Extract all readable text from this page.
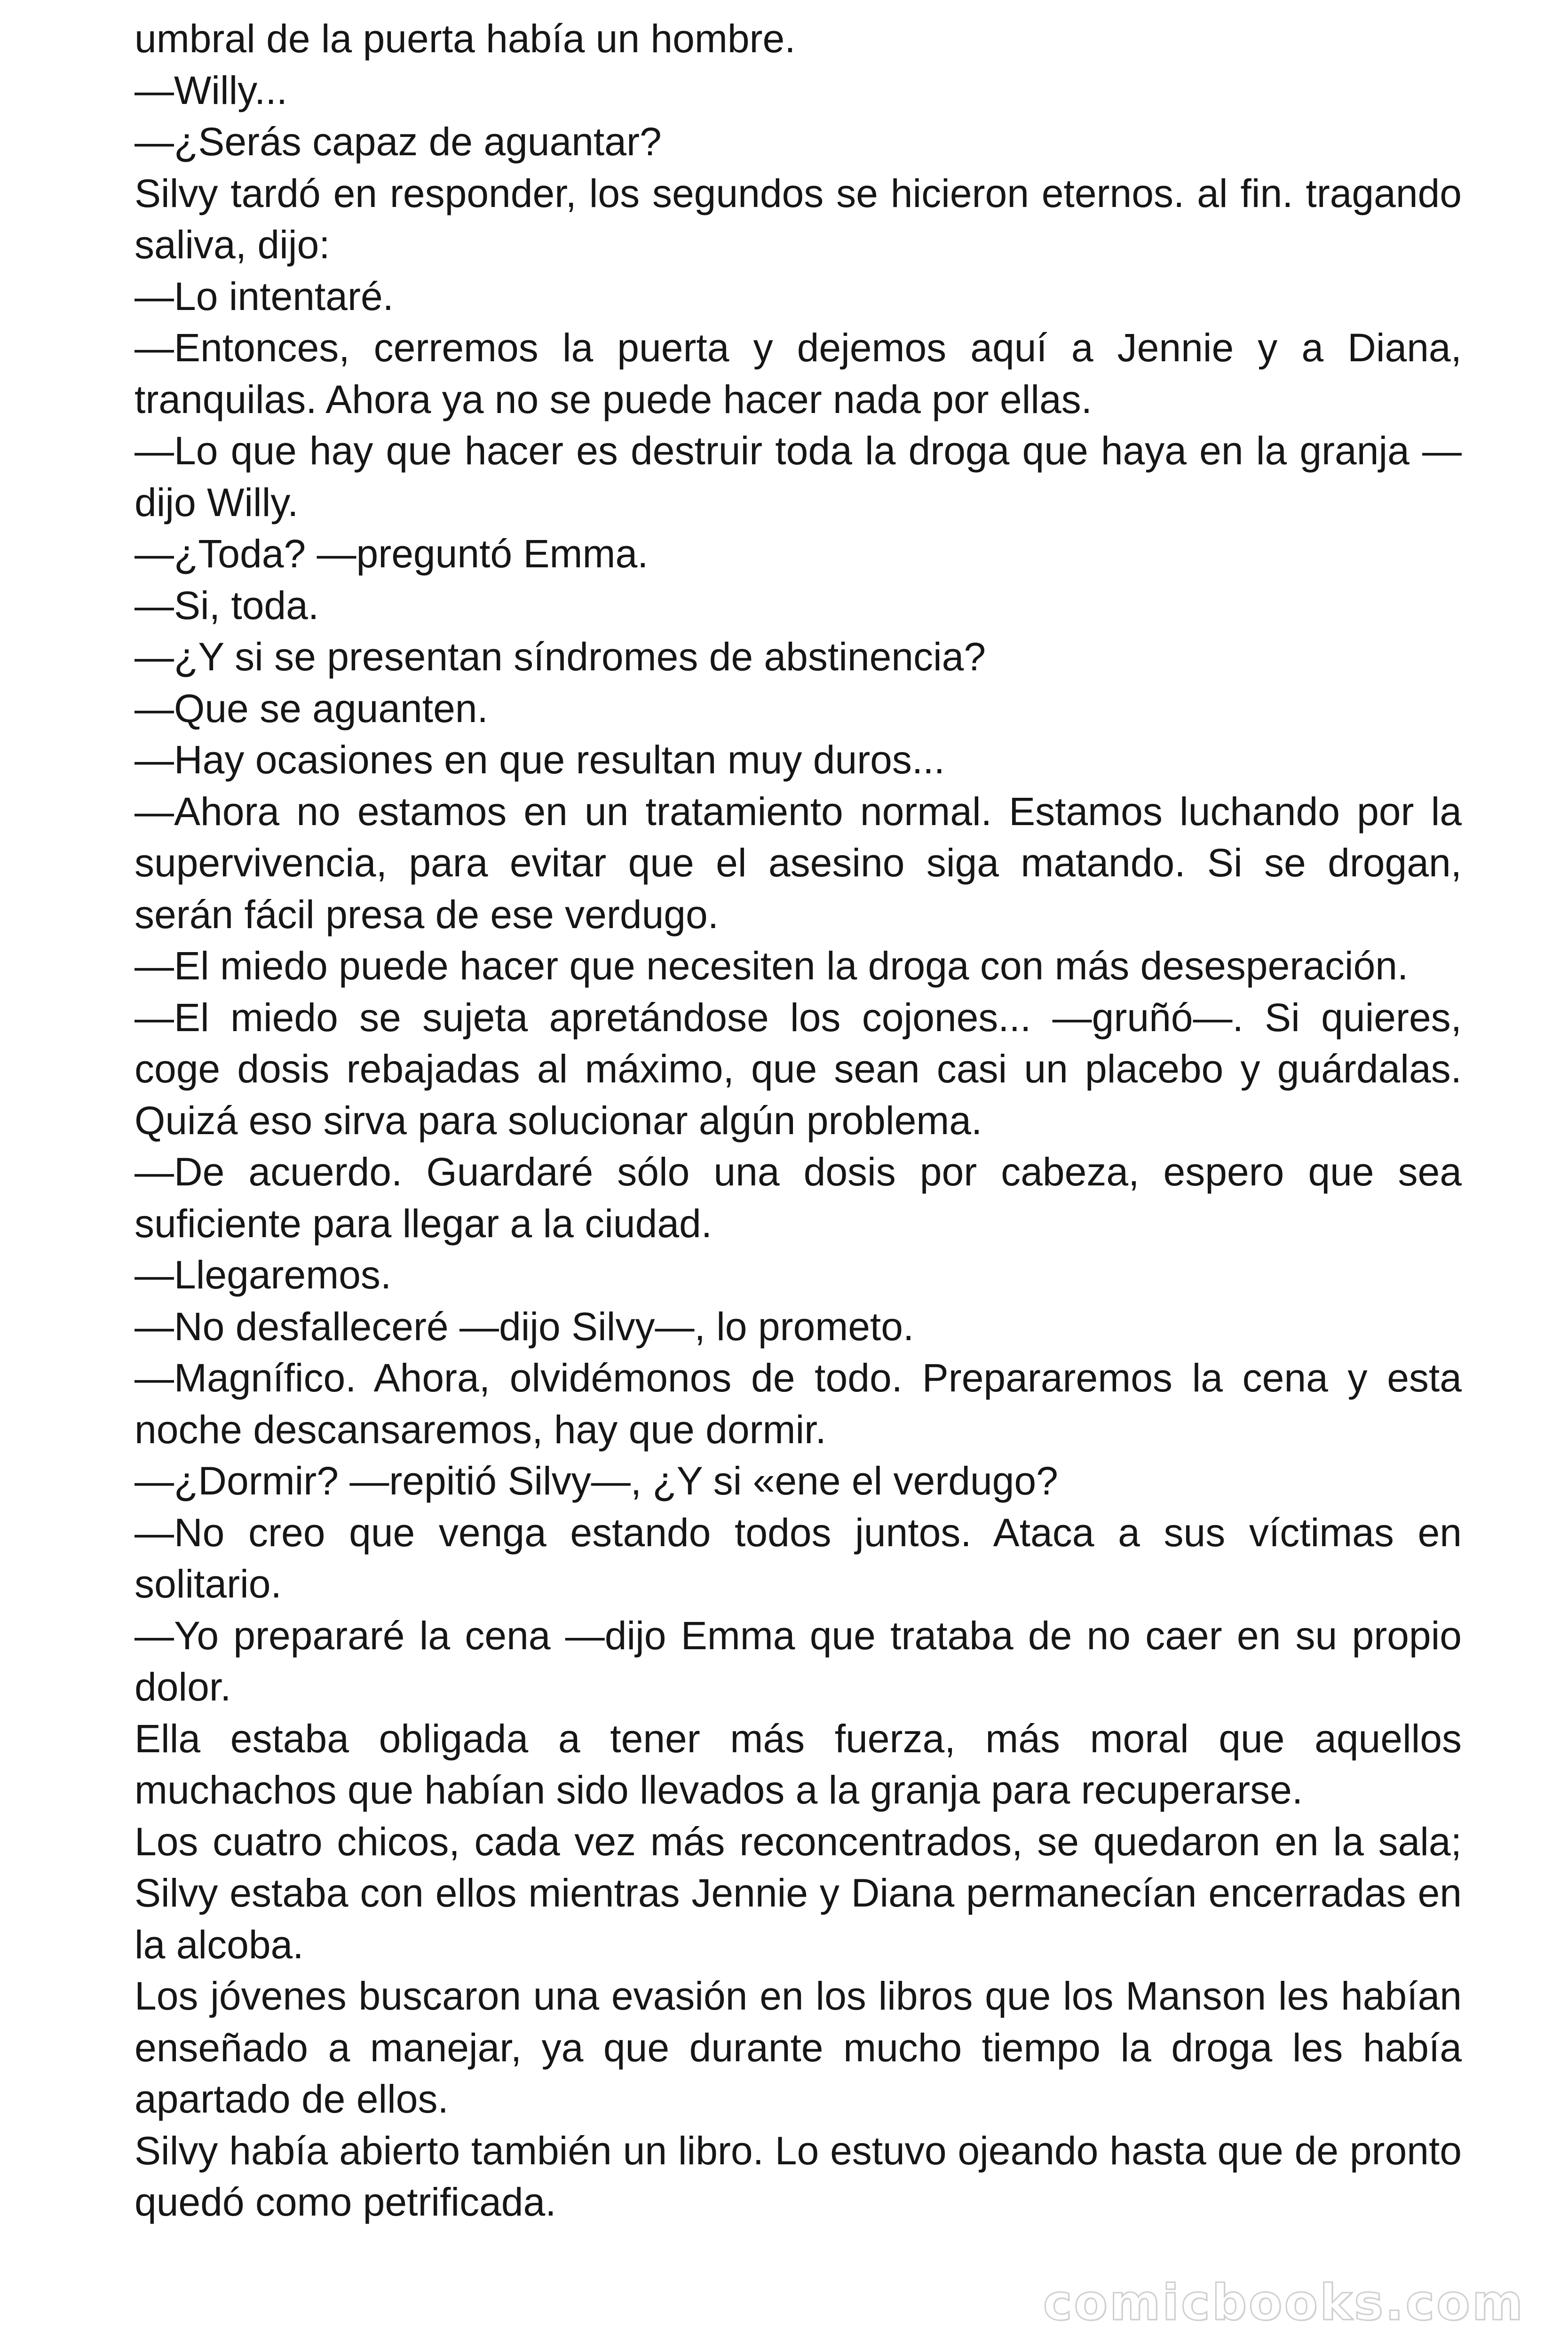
umbral de la puerta había un hombre.

—Willy...

—¿Serás capaz de aguantar?

Silvy tardó en responder, los segundos se hicieron eternos. al fin. tragando saliva, dijo:

—Lo intentaré.

—Entonces, cerremos la puerta y dejemos aquí a Jennie y a Diana, tranquilas. Ahora ya no se puede hacer nada por ellas.

—Lo que hay que hacer es destruir toda la droga que haya en la granja —dijo Willy.

—¿Toda? —preguntó Emma.

—Si, toda.

—¿Y si se presentan síndromes de abstinencia?

—Que se aguanten.

—Hay ocasiones en que resultan muy duros...

—Ahora no estamos en un tratamiento normal. Estamos luchando por la supervivencia, para evitar que el asesino siga matando. Si se drogan, serán fácil presa de ese verdugo.

—El miedo puede hacer que necesiten la droga con más desesperación.

—El miedo se sujeta apretándose los cojones... —gruñó—. Si quieres, coge dosis rebajadas al máximo, que sean casi un placebo y guárdalas. Quizá eso sirva para solucionar algún problema.

—De acuerdo. Guardaré sólo una dosis por cabeza, espero que sea suficiente para llegar a la ciudad.

—Llegaremos.

—No desfalleceré —dijo Silvy—, lo prometo.

—Magnífico. Ahora, olvidémonos de todo. Prepararemos la cena y esta noche descansaremos, hay que dormir.

—¿Dormir? —repitió Silvy—, ¿Y si «ene el verdugo?

—No creo que venga estando todos juntos. Ataca a sus víctimas en solitario.

—Yo prepararé la cena —dijo Emma que trataba de no caer en su propio dolor.

Ella estaba obligada a tener más fuerza, más moral que aquellos muchachos que habían sido llevados a la granja para recuperarse.

Los cuatro chicos, cada vez más reconcentrados, se quedaron en la sala; Silvy estaba con ellos mientras Jennie y Diana permanecían encerradas en la alcoba.

Los jóvenes buscaron una evasión en los libros que los Manson les habían enseñado a manejar, ya que durante mucho tiempo la droga les había apartado de ellos.

Silvy había abierto también un libro. Lo estuvo ojeando hasta que de pronto quedó como petrificada.

comicbooks.com
